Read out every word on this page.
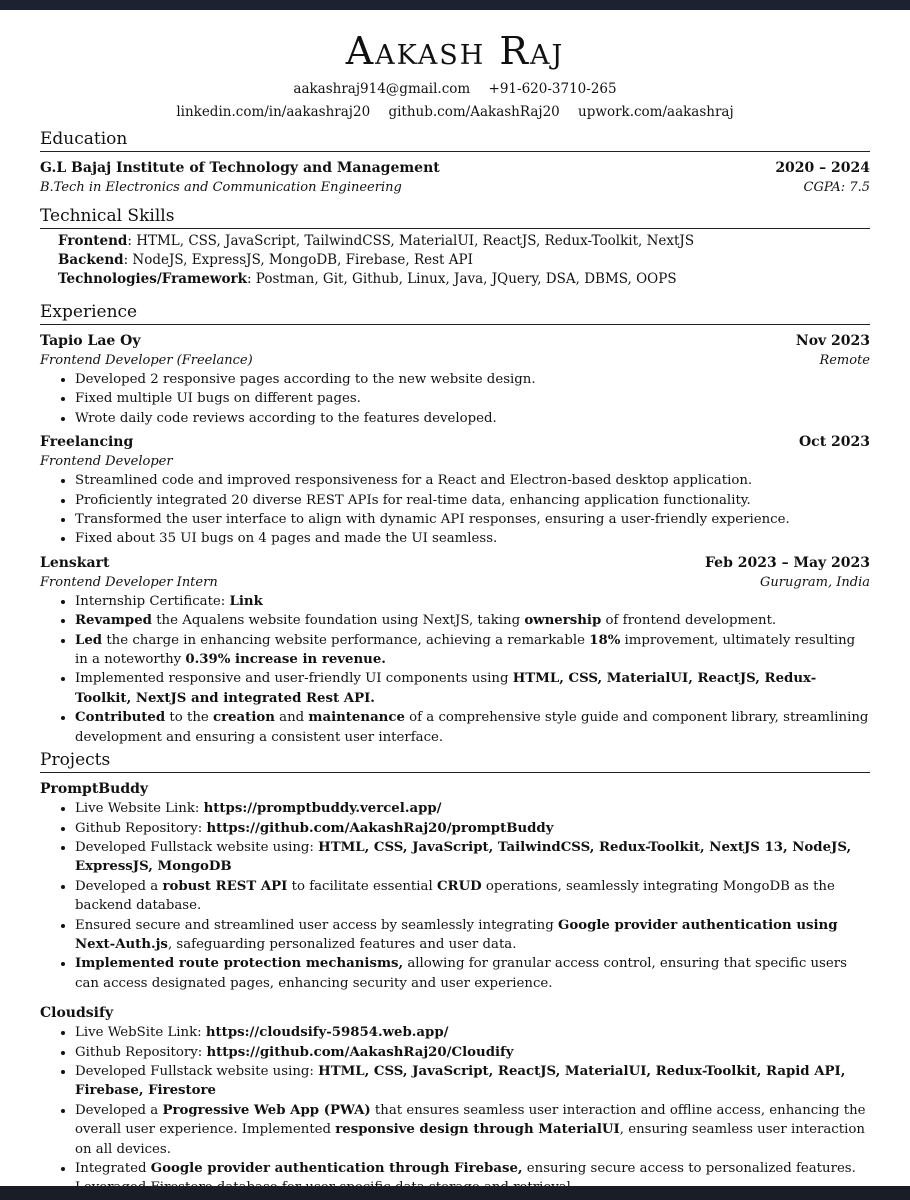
Aakash Raj
aakashraj914@gmail.com +91-620-3710-265
linkedin.com/in/aakashraj20 github.com/AakashRaj20 upwork.com/aakashraj
Education
G.L Bajaj Institute of Technology and Management	2020 – 2024
B.Tech in Electronics and Communication Engineering	CGPA: 7.5
Technical Skills
Frontend: HTML, CSS, JavaScript, TailwindCSS, MaterialUI, ReactJS, Redux-Toolkit, NextJS
Backend: NodeJS, ExpressJS, MongoDB, Firebase, Rest API
Technologies/Framework: Postman, Git, Github, Linux, Java, JQuery, DSA, DBMS, OOPS
Experience
Tapio Lae Oy	Nov 2023
Frontend Developer (Freelance)	Remote
• Developed 2 responsive pages according to the new website design.
• Fixed multiple UI bugs on different pages.
• Wrote daily code reviews according to the features developed.
Freelancing	Oct 2023
Frontend Developer
• Streamlined code and improved responsiveness for a React and Electron-based desktop application.
• Proficiently integrated 20 diverse REST APIs for real-time data, enhancing application functionality.
• Transformed the user interface to align with dynamic API responses, ensuring a user-friendly experience.
• Fixed about 35 UI bugs on 4 pages and made the UI seamless.
Lenskart	Feb 2023 – May 2023
Frontend Developer Intern	Gurugram, India
• Internship Certificate: Link
• Revamped the Aqualens website foundation using NextJS, taking ownership of frontend development.
• Led the charge in enhancing website performance, achieving a remarkable 18% improvement, ultimately resulting in a noteworthy 0.39% increase in revenue.
• Implemented responsive and user-friendly UI components using HTML, CSS, MaterialUI, ReactJS, Redux-Toolkit, NextJS and integrated Rest API.
• Contributed to the creation and maintenance of a comprehensive style guide and component library, streamlining development and ensuring a consistent user interface.
Projects
PromptBuddy
• Live Website Link: https://promptbuddy.vercel.app/
• Github Repository: https://github.com/AakashRaj20/promptBuddy
• Developed Fullstack website using: HTML, CSS, JavaScript, TailwindCSS, Redux-Toolkit, NextJS 13, NodeJS, ExpressJS, MongoDB
• Developed a robust REST API to facilitate essential CRUD operations, seamlessly integrating MongoDB as the backend database.
• Ensured secure and streamlined user access by seamlessly integrating Google provider authentication using Next-Auth.js, safeguarding personalized features and user data.
• Implemented route protection mechanisms, allowing for granular access control, ensuring that specific users can access designated pages, enhancing security and user experience.
Cloudsify
• Live WebSite Link: https://cloudsify-59854.web.app/
• Github Repository: https://github.com/AakashRaj20/Cloudify
• Developed Fullstack website using: HTML, CSS, JavaScript, ReactJS, MaterialUI, Redux-Toolkit, Rapid API, Firebase, Firestore
• Developed a Progressive Web App (PWA) that ensures seamless user interaction and offline access, enhancing the overall user experience. Implemented responsive design through MaterialUI, ensuring seamless user interaction on all devices.
• Integrated Google provider authentication through Firebase, ensuring secure access to personalized features.
•
